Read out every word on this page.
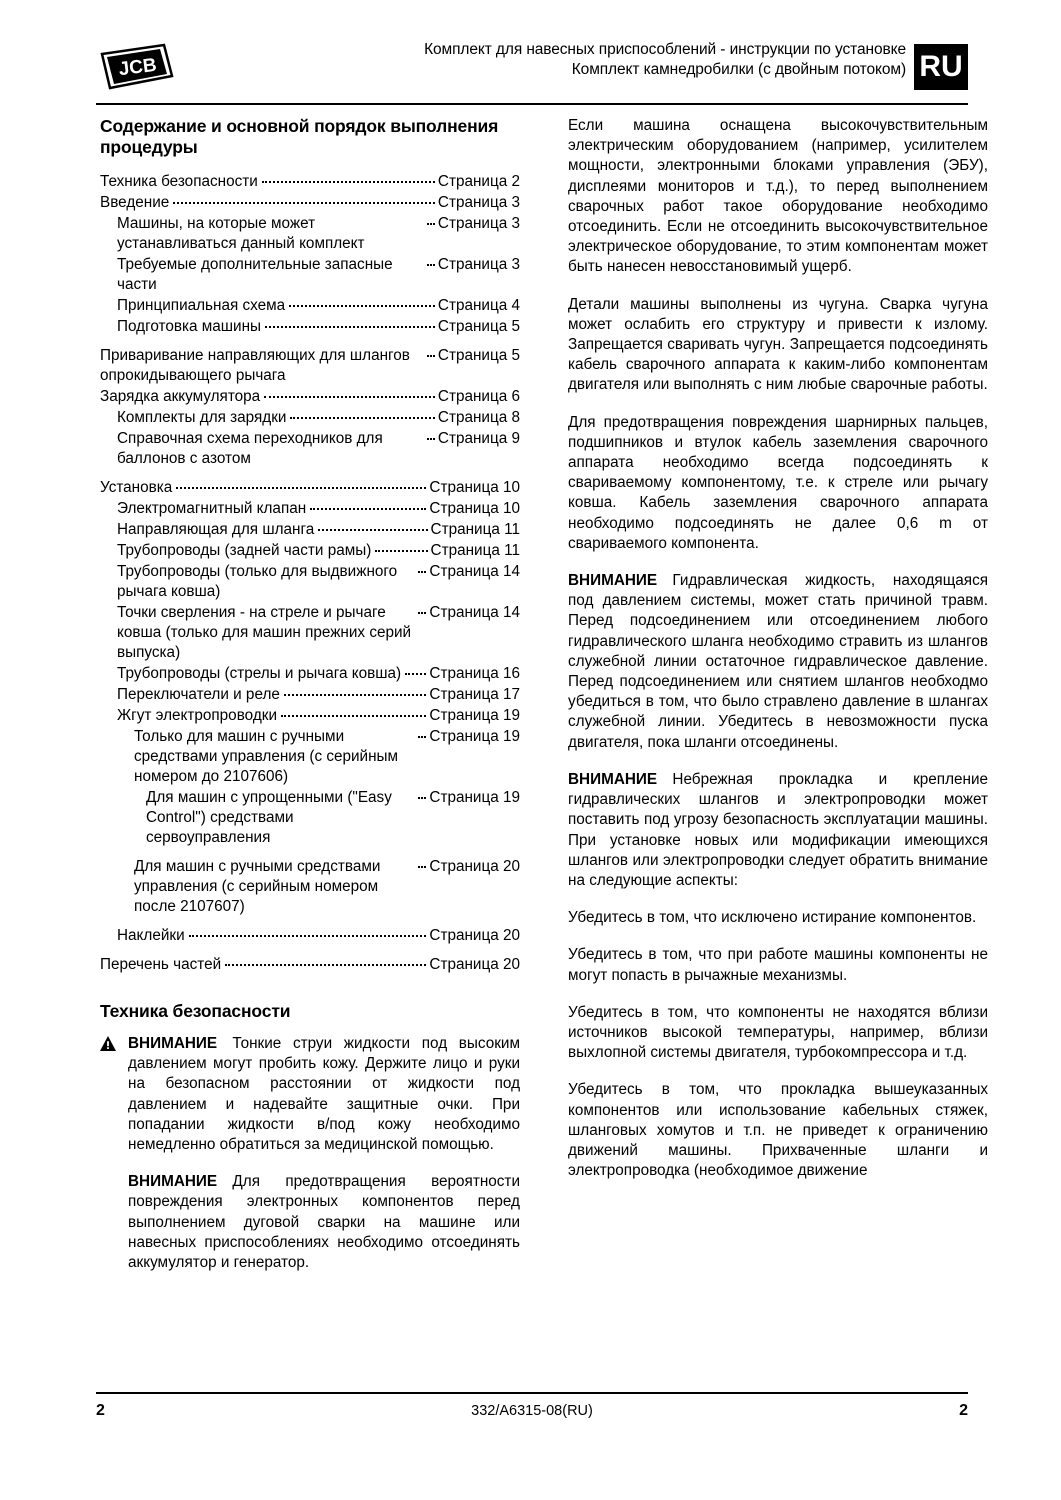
JCB
Комплект для навесных приспособлений - инструкции по установке
Комплект камнедробилки (с двойным потоком) RU
Содержание и основной порядок выполнения процедуры
Техника безопасности	Страница 2
Введение	Страница 3
Машины, на которые может устанавливаться данный комплект
Страница 3
Требуемые дополнительные запасные части
Страница 3
Принципиальная схема	Страница 4
Подготовка машины	Страница 5
Приваривание направляющих для шлангов опрокидывающего рычага
Страница 5
Зарядка аккумулятора	Страница 6
Комплекты для зарядки	Страница 8
Справочная схема переходников для баллонов с азотом
Страница 9
Установка	Страница 10
Электромагнитный клапан	Страница 10
Направляющая для шланга	Страница 11
Трубопроводы (задней части рамы)	Страница 11
Трубопроводы (только для выдвижного рычага ковша)
Страница 14
Точки сверления - на стреле и рычаге ковша (только для машин прежних серий выпуска)
Страница 14
Трубопроводы (стрелы и рычага ковша) Страница 16
Переключатели и реле	Страница 17
Жгут электропроводки	Страница 19
Только для машин с ручными средствами управления (с серийным номером до 2107606)
Страница 19
Для машин с упрощенными ("Easy Control") средствами сервоуправления
Страница 19
Для машин с ручными средствами управления (с серийным номером после 2107607)
Страница 20
Наклейки	Страница 20
Перечень частей	Страница 20
Техника безопасности

ВНИМАНИЕ  Тонкие струи жидкости под высоким давлением могут пробить кожу. Держите лицо и руки на безопасном расстоянии от жидкости под давлением и надевайте защитные очки. При попадании жидкости в/под кожу необходимо немедленно обратиться за медицинской помощью.

ВНИМАНИЕ  Для предотвращения вероятности повреждения электронных компонентов перед выполнением дуговой сварки на машине или навесных приспособлениях необходимо отсоединять аккумулятор и генератор.

Если машина оснащена высокочувствительным электрическим оборудованием (например, усилителем мощности, электронными блоками управления (ЭБУ), дисплеями мониторов и т.д.), то перед выполнением сварочных работ такое оборудование необходимо отсоединить. Если не отсоединить высокочувствительное электрическое оборудование, то этим компонентам может быть нанесен невосстановимый ущерб.

Детали машины выполнены из чугуна. Сварка чугуна может ослабить его структуру и привести к излому. Запрещается сваривать чугун. Запрещается подсоединять кабель сварочного аппарата к каким-либо компонентам двигателя или выполнять с ним любые сварочные работы.

Для предотвращения повреждения шарнирных пальцев, подшипников и втулок кабель заземления сварочного аппарата необходимо всегда подсоединять к свариваемому компонентому, т.е. к стреле или рычагу ковша. Кабель заземления сварочного аппарата необходимо подсоединять не далее 0,6 m от свариваемого компонента.

ВНИМАНИЕ  Гидравлическая жидкость, находящаяся под давлением системы, может стать причиной травм. Перед подсоединением или отсоединением любого гидравлического шланга необходимо стравить из шлангов служебной линии остаточное гидравлическое давление. Перед подсоединением или снятием шлангов необходмо убедиться в том, что было стравлено давление в шлангах служебной линии. Убедитесь в невозможности пуска двигателя, пока шланги отсоединены.

ВНИМАНИЕ  Небрежная прокладка и крепление гидравлических шлангов и электропроводки может поставить под угрозу безопасность эксплуатации машины. При установке новых или модификации имеющихся шлангов или электропроводки следует обратить внимание на следующие аспекты:

Убедитесь в том, что исключено истирание компонентов.

Убедитесь в том, что при работе машины компоненты не могут попасть в рычажные механизмы.

Убедитесь в том, что компоненты не находятся вблизи источников высокой температуры, например, вблизи выхлопной системы двигателя, турбокомпрессора и т.д.

Убедитесь в том, что прокладка вышеуказанных компонентов или использование кабельных стяжек, шланговых хомутов и т.п. не приведет к ограничению движений машины. Прихваченные шланги и электропроводка (необходимое движение

2	332/A6315-08(RU)	2
